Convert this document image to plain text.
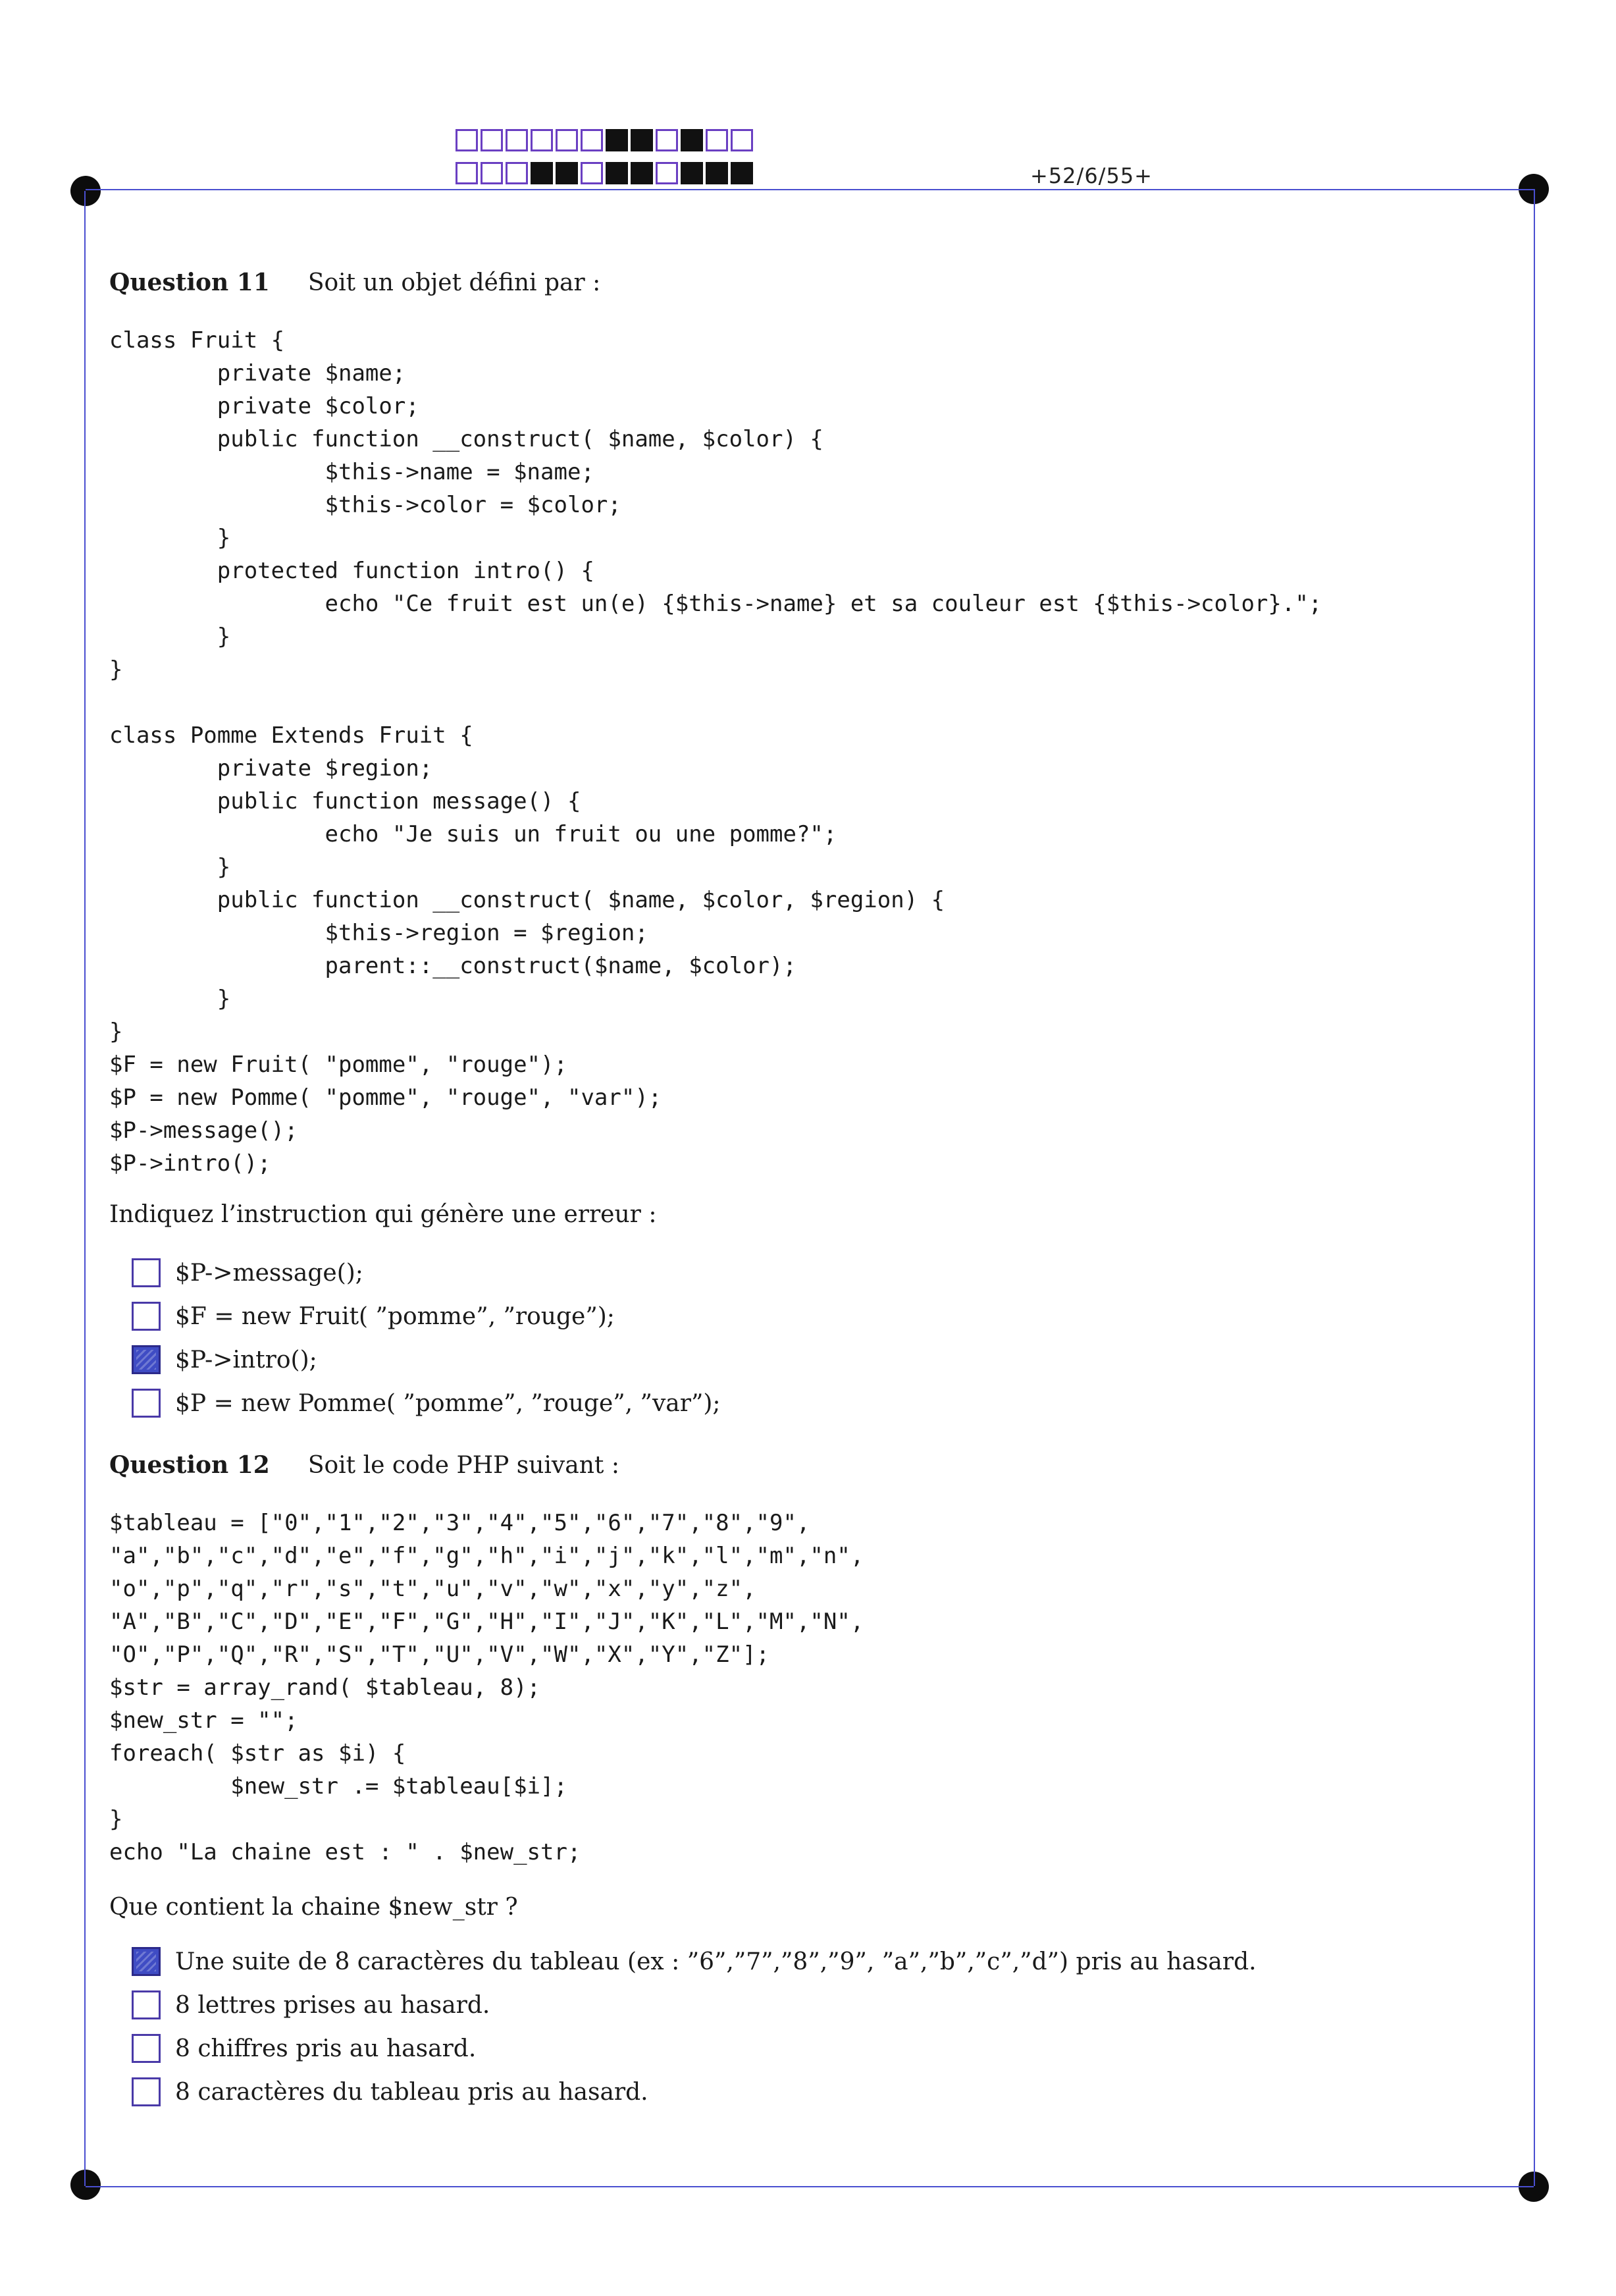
+52/6/55+
Question 11 Soit un objet défini par :
class Fruit {
private $name;
private $color;
public function __construct( $name, $color) {
$this->name = $name;
$this->color = $color;
}
protected function intro() {
echo "Ce fruit est un(e) {$this->name} et sa couleur est {$this->color}.";
}
}

class Pomme Extends Fruit {
private $region;
public function message() {
echo "Je suis un fruit ou une pomme?";
}
public function __construct( $name, $color, $region) {
$this->region = $region;
parent::__construct($name, $color);
}
}
$F = new Fruit( "pomme", "rouge");
$P = new Pomme( "pomme", "rouge", "var");
$P->message();
$P->intro();
Indiquez l’instruction qui génère une erreur :
$P->message();
$F = new Fruit( ”pomme”, ”rouge”);
$P->intro();
$P = new Pomme( ”pomme”, ”rouge”, ”var”);
Question 12 Soit le code PHP suivant :
$tableau = ["0","1","2","3","4","5","6","7","8","9",
"a","b","c","d","e","f","g","h","i","j","k","l","m","n",
"o","p","q","r","s","t","u","v","w","x","y","z",
"A","B","C","D","E","F","G","H","I","J","K","L","M","N",
"O","P","Q","R","S","T","U","V","W","X","Y","Z"];
$str = array_rand( $tableau, 8);
$new_str = "";
foreach( $str as $i) {
$new_str .= $tableau[$i];
}
echo "La chaine est : " . $new_str;
Que contient la chaine $new_str ?
Une suite de 8 caractères du tableau (ex : ”6”,”7”,”8”,”9”, ”a”,”b”,”c”,”d”) pris au hasard.
8 lettres prises au hasard.
8 chiffres pris au hasard.
8 caractères du tableau pris au hasard.
